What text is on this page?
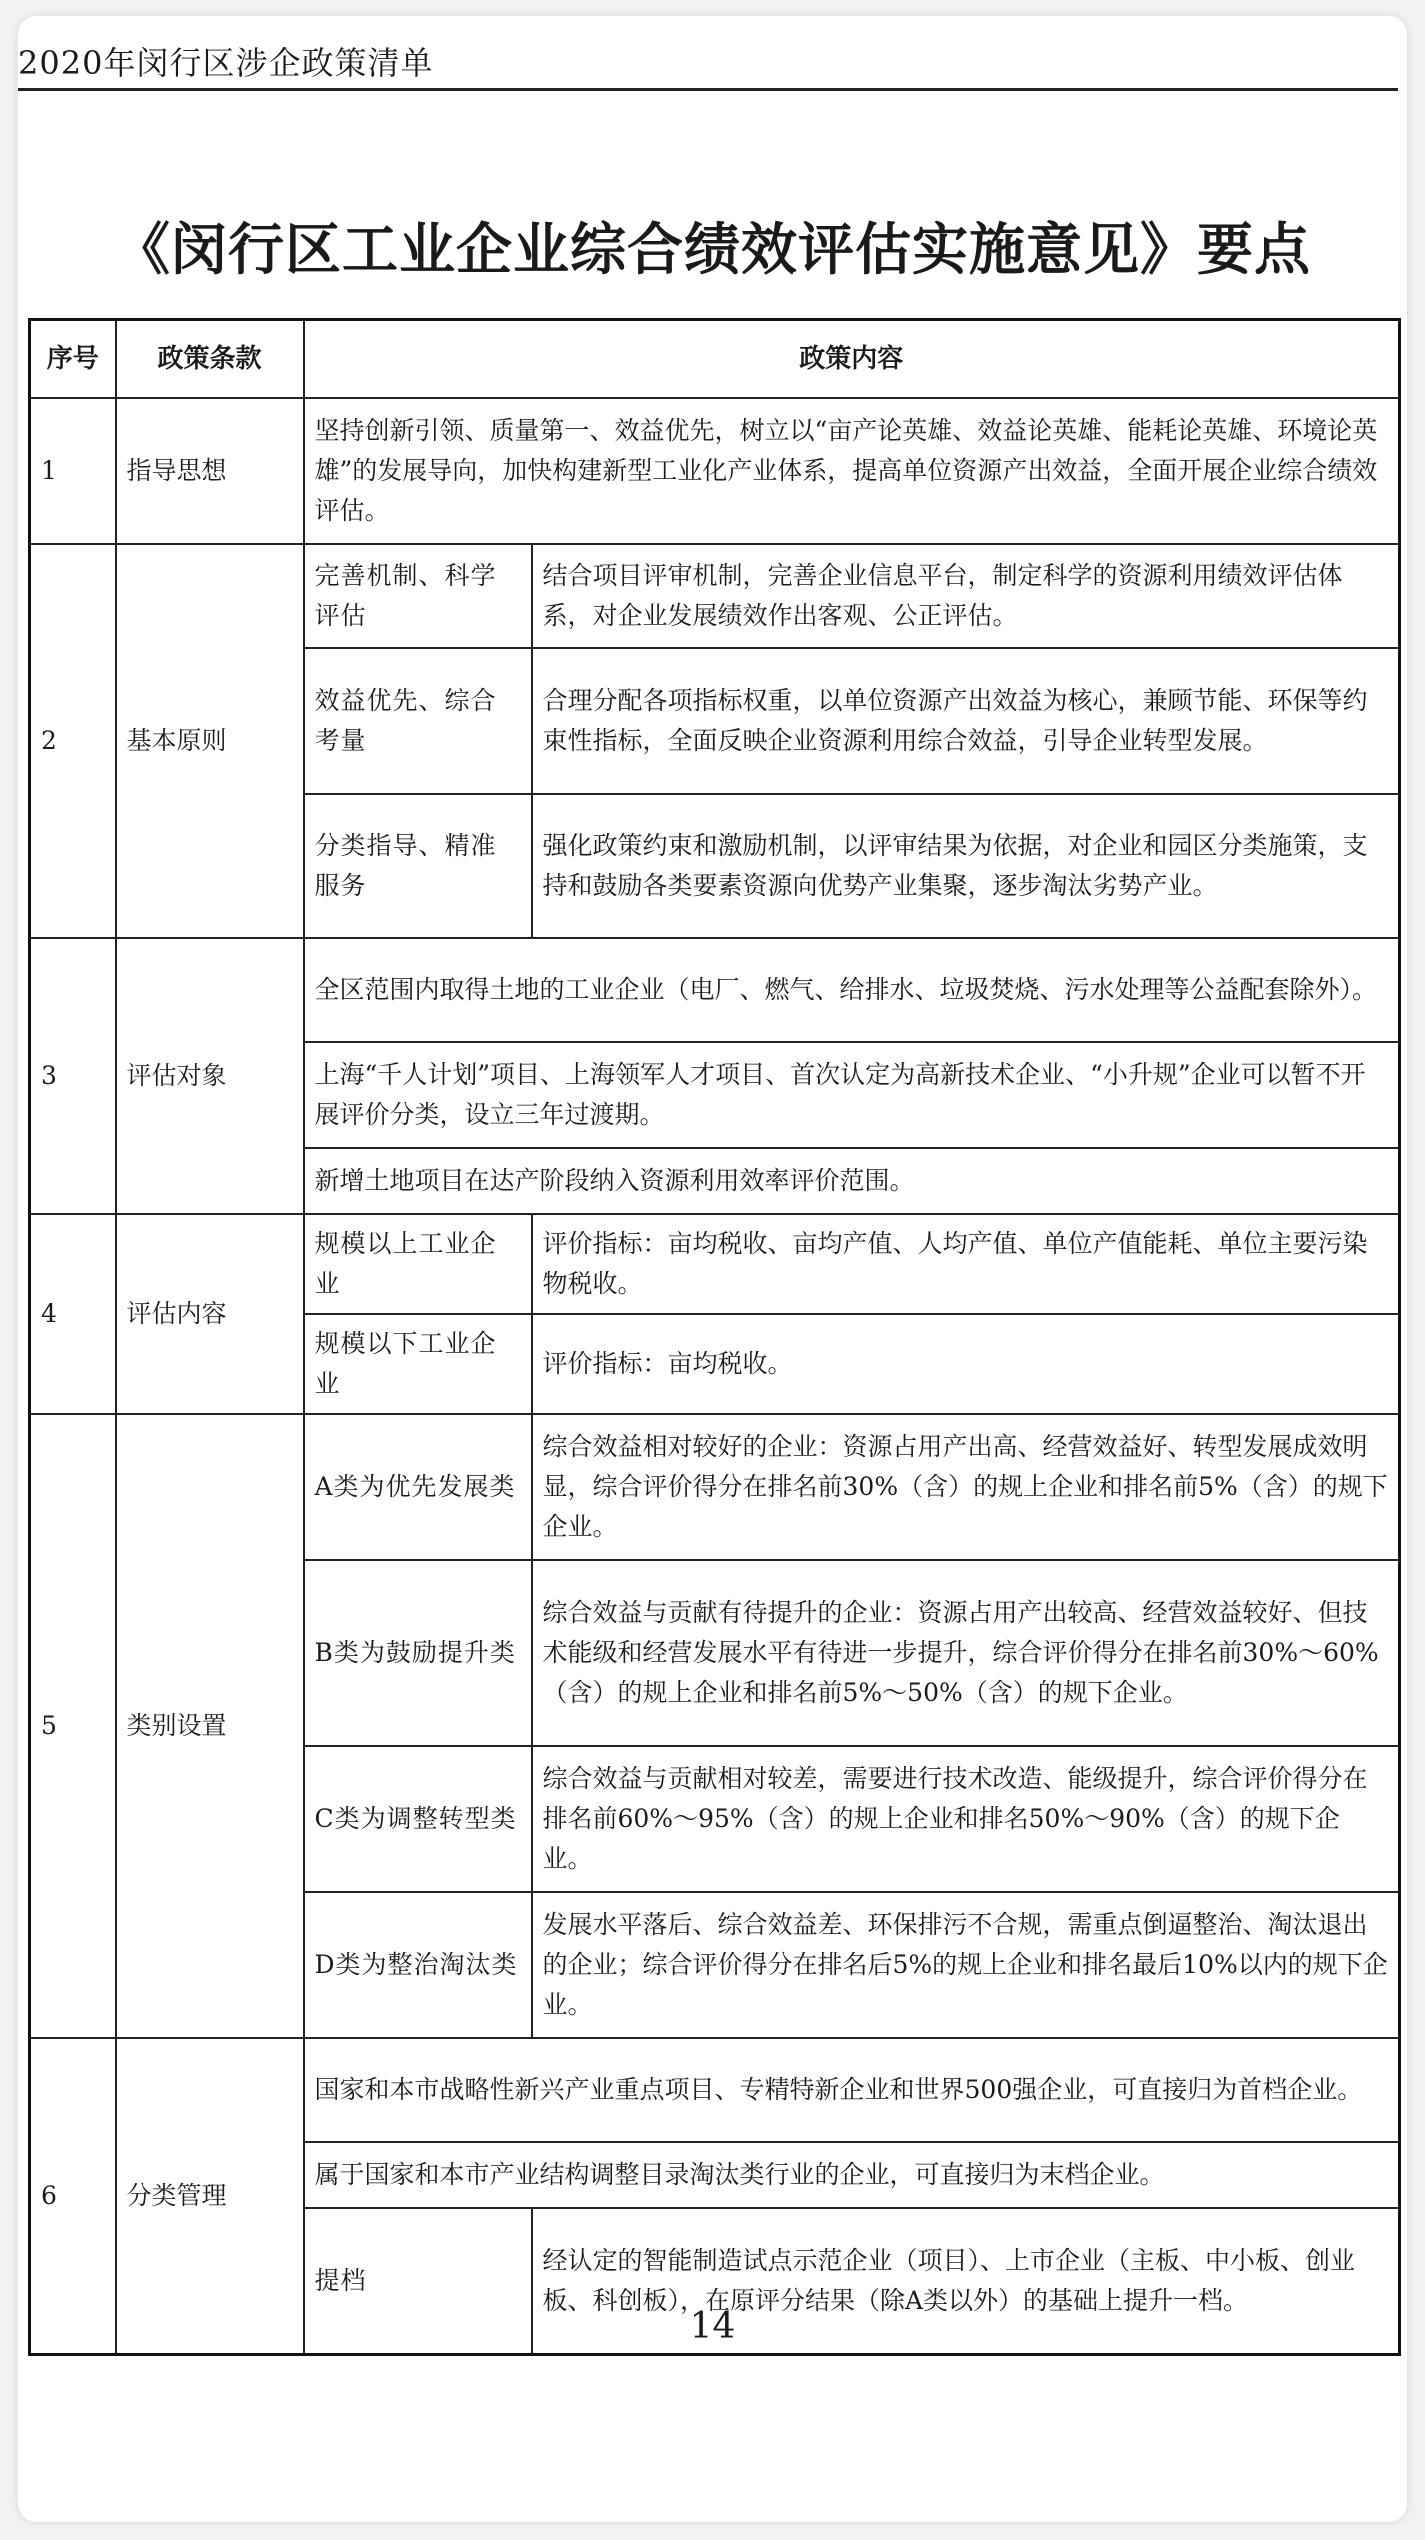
2020年闵行区涉企政策清单
《闵行区工业企业综合绩效评估实施意见》要点
序号	政策条款	政策内容	
1	指导思想	坚持创新引领、质量第一、效益优先，树立以“亩产论英雄、效益论英雄、能耗论英雄、环境论英雄”的发展导向，加快构建新型工业化产业体系，提高单位资源产出效益，全面开展企业综合绩效评估。	
2	基本原则	完善机制、科学评估	结合项目评审机制，完善企业信息平台，制定科学的资源利用绩效评估体系，对企业发展绩效作出客观、公正评估。
		效益优先、综合考量	合理分配各项指标权重，以单位资源产出效益为核心，兼顾节能、环保等约束性指标，全面反映企业资源利用综合效益，引导企业转型发展。
		分类指导、精准服务	强化政策约束和激励机制，以评审结果为依据，对企业和园区分类施策，支持和鼓励各类要素资源向优势产业集聚，逐步淘汰劣势产业。
3	评估对象	全区范围内取得土地的工业企业（电厂、燃气、给排水、垃圾焚烧、污水处理等公益配套除外）。	
		上海“千人计划”项目、上海领军人才项目、首次认定为高新技术企业、“小升规”企业可以暂不开展评价分类，设立三年过渡期。	
		新增土地项目在达产阶段纳入资源利用效率评价范围。	
4	评估内容	规模以上工业企业	评价指标：亩均税收、亩均产值、人均产值、单位产值能耗、单位主要污染物税收。
		规模以下工业企业	评价指标：亩均税收。
5	类别设置	A类为优先发展类	综合效益相对较好的企业：资源占用产出高、经营效益好、转型发展成效明显，综合评价得分在排名前30%（含）的规上企业和排名前5%（含）的规下企业。
		B类为鼓励提升类	综合效益与贡献有待提升的企业：资源占用产出较高、经营效益较好、但技术能级和经营发展水平有待进一步提升，综合评价得分在排名前30%～60%（含）的规上企业和排名前5%～50%（含）的规下企业。
		C类为调整转型类	综合效益与贡献相对较差，需要进行技术改造、能级提升，综合评价得分在排名前60%～95%（含）的规上企业和排名50%～90%（含）的规下企业。
		D类为整治淘汰类	发展水平落后、综合效益差、环保排污不合规，需重点倒逼整治、淘汰退出的企业；综合评价得分在排名后5%的规上企业和排名最后10%以内的规下企业。
6	分类管理	国家和本市战略性新兴产业重点项目、专精特新企业和世界500强企业，可直接归为首档企业。	
		属于国家和本市产业结构调整目录淘汰类行业的企业，可直接归为末档企业。	
		提档	经认定的智能制造试点示范企业（项目）、上市企业（主板、中小板、创业板、科创板），在原评分结果（除A类以外）的基础上提升一档。
14
